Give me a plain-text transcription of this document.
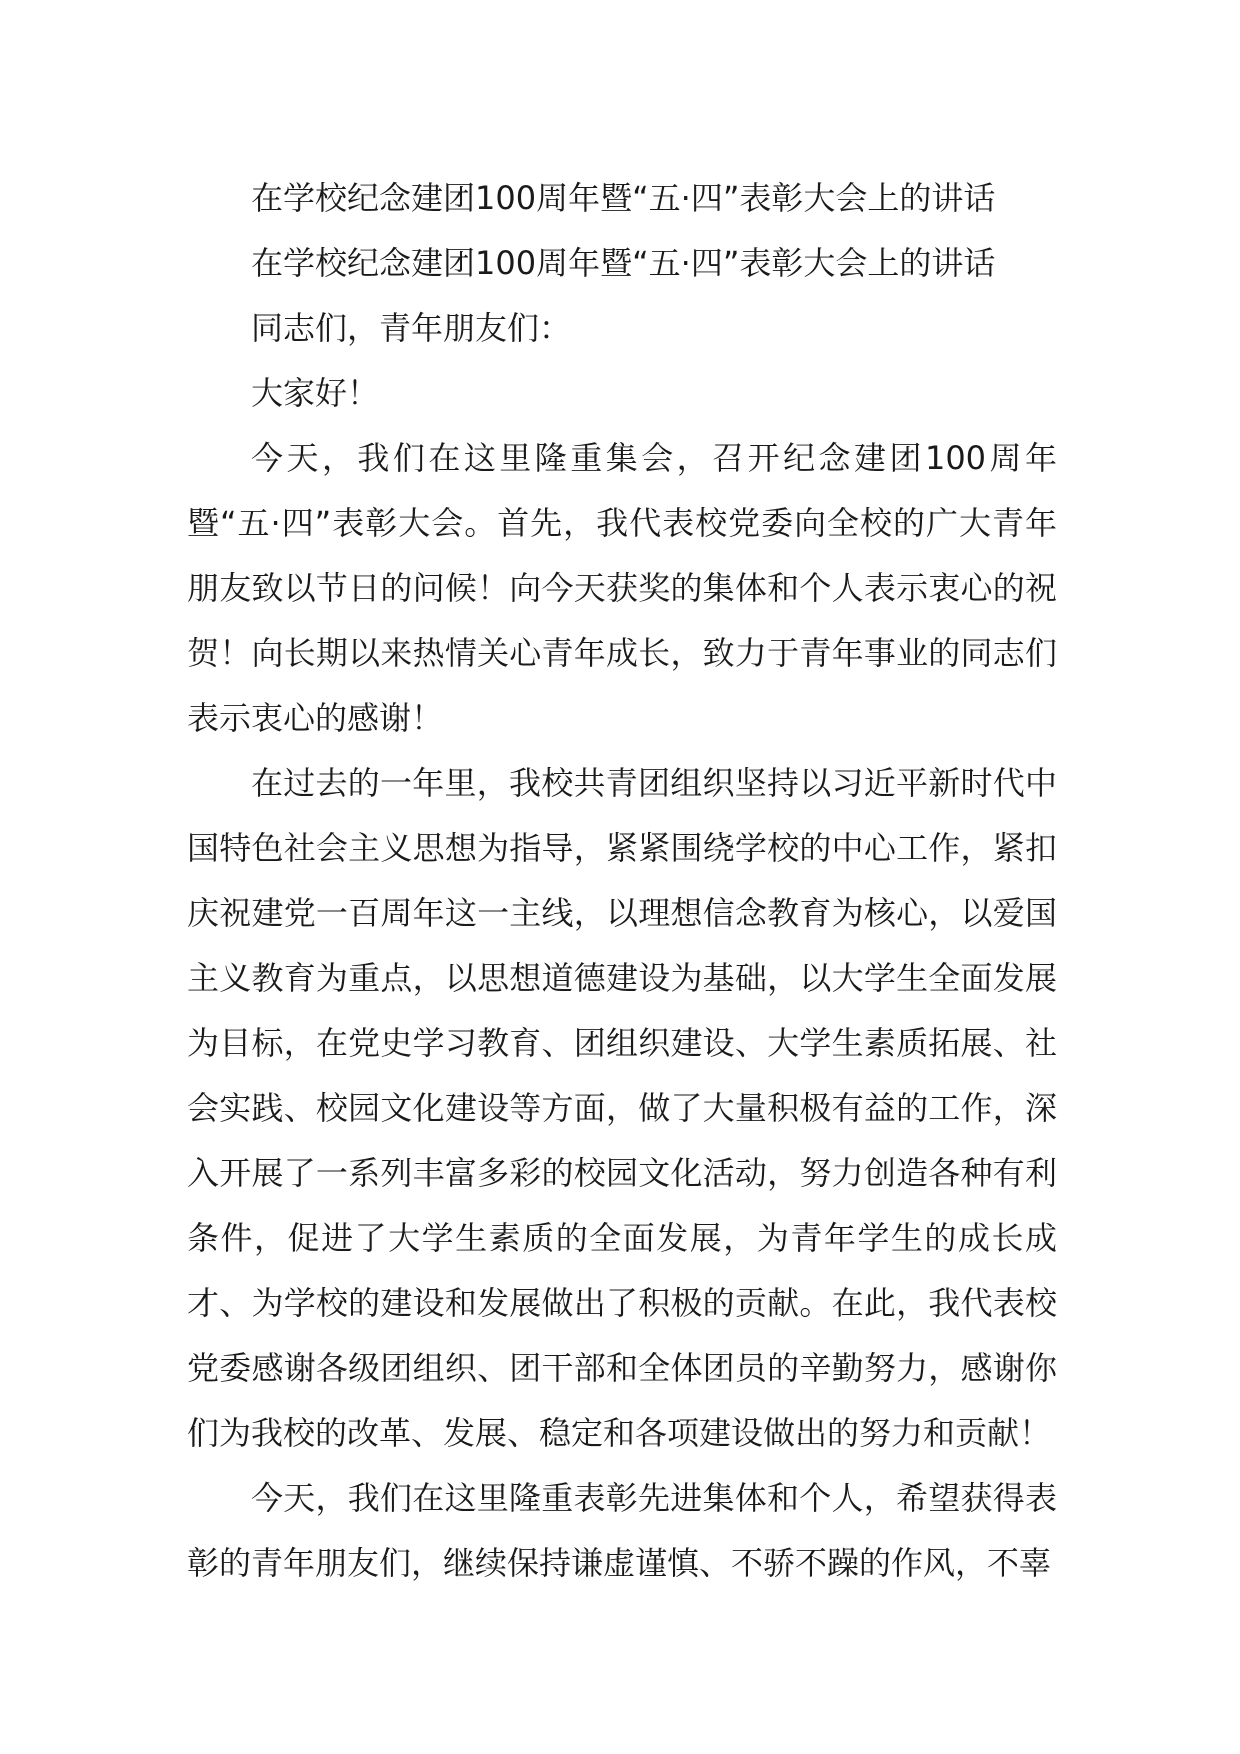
在学校纪念建团100周年暨“五·四”表彰大会上的讲话

在学校纪念建团100周年暨“五·四”表彰大会上的讲话

同志们，青年朋友们：

大家好！

今天，我们在这里隆重集会，召开纪念建团100周年暨“五·四”表彰大会。首先，我代表校党委向全校的广大青年朋友致以节日的问候！向今天获奖的集体和个人表示衷心的祝贺！向长期以来热情关心青年成长，致力于青年事业的同志们表示衷心的感谢！

在过去的一年里，我校共青团组织坚持以习近平新时代中国特色社会主义思想为指导，紧紧围绕学校的中心工作，紧扣庆祝建党一百周年这一主线，以理想信念教育为核心，以爱国主义教育为重点，以思想道德建设为基础，以大学生全面发展为目标，在党史学习教育、团组织建设、大学生素质拓展、社会实践、校园文化建设等方面，做了大量积极有益的工作，深入开展了一系列丰富多彩的校园文化活动，努力创造各种有利条件，促进了大学生素质的全面发展，为青年学生的成长成才、为学校的建设和发展做出了积极的贡献。在此，我代表校党委感谢各级团组织、团干部和全体团员的辛勤努力，感谢你们为我校的改革、发展、稳定和各项建设做出的努力和贡献！

今天，我们在这里隆重表彰先进集体和个人，希望获得表彰的青年朋友们，继续保持谦虚谨慎、不骄不躁的作风，不辜
